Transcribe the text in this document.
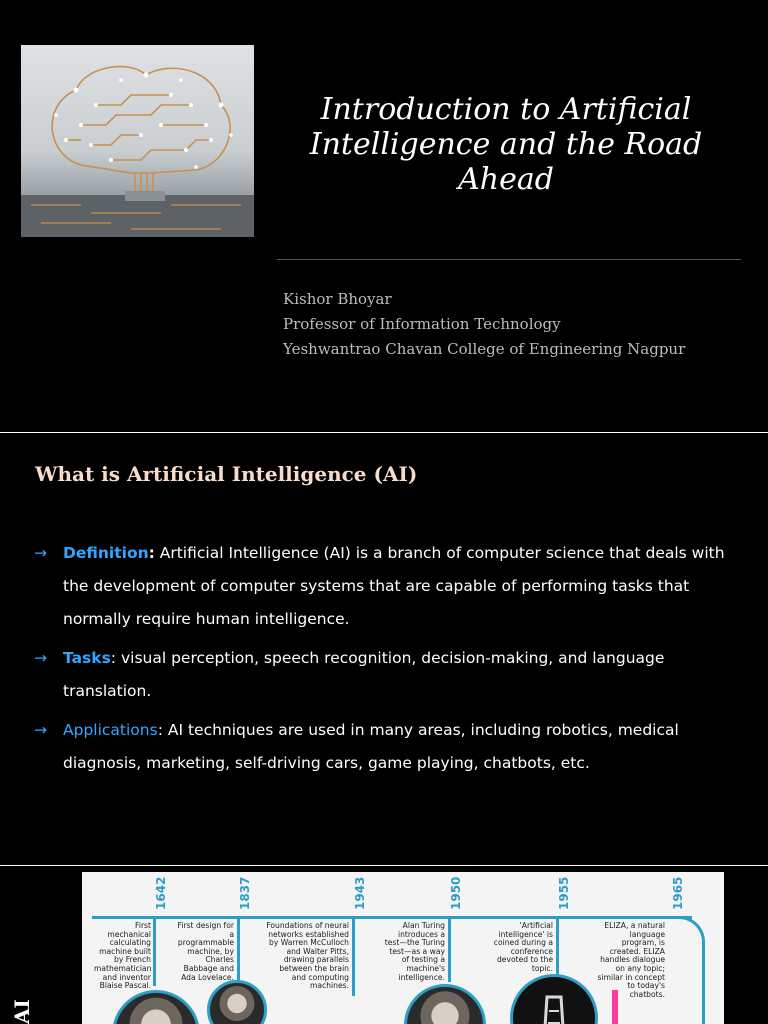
Introduction to Artificial Intelligence and the Road Ahead
Kishor Bhoyar
Professor of Information Technology
Yeshwantrao Chavan College of Engineering Nagpur
What is Artificial Intelligence (AI)
→ Definition: Artificial Intelligence (AI) is a branch of computer science that deals with the development of computer systems that are capable of performing tasks that normally require human intelligence.
→ Tasks: visual perception, speech recognition, decision-making, and language translation.
→ Applications: AI techniques are used in many areas, including robotics, medical diagnosis, marketing, self-driving cars, game playing, chatbots, etc.
AI
1642	1837	1943	1950	1955	1965
First mechanical calculating machine built by French mathematician and inventor Blaise Pascal.
First design for a programmable machine, by Charles Babbage and Ada Lovelace.
Foundations of neural networks established by Warren McCulloch and Walter Pitts, drawing parallels between the brain and computing machines.
Alan Turing introduces a test—the Turing test—as a way of testing a machine's intelligence.
'Artificial intelligence' is coined during a conference devoted to the topic.
ELIZA, a natural language program, is created. ELIZA handles dialogue on any topic; similar in concept to today's chatbots.
